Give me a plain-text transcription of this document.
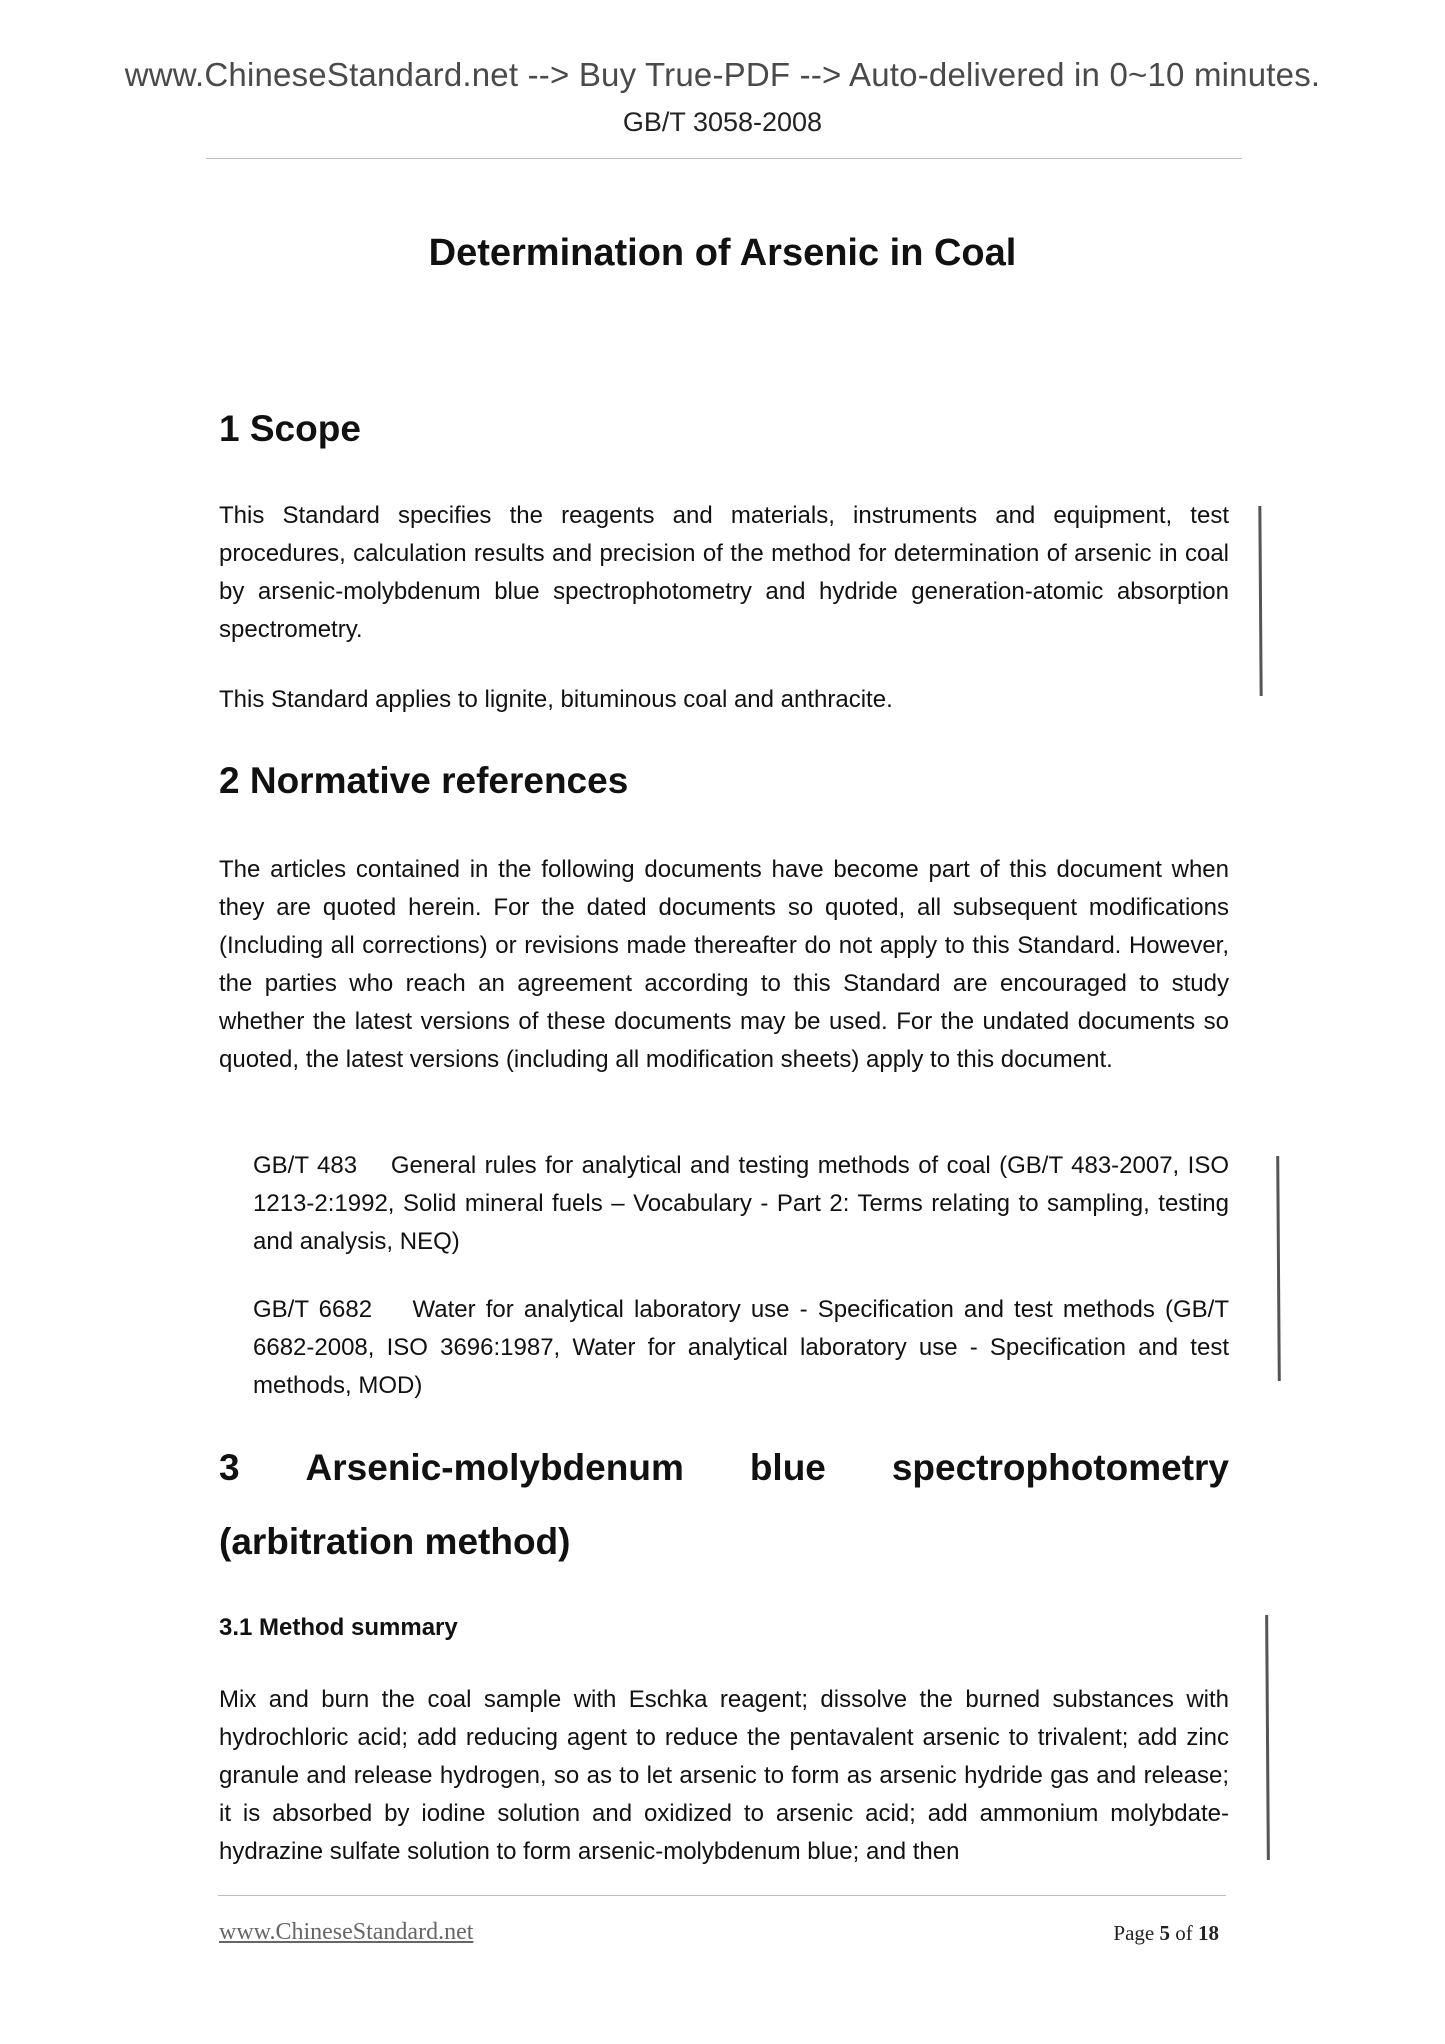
www.ChineseStandard.net --> Buy True-PDF --> Auto-delivered in 0~10 minutes.
GB/T 3058-2008
Determination of Arsenic in Coal
1 Scope

This Standard specifies the reagents and materials, instruments and equipment, test procedures, calculation results and precision of the method for determination of arsenic in coal by arsenic-molybdenum blue spectrophotometry and hydride generation-atomic absorption spectrometry.

This Standard applies to lignite, bituminous coal and anthracite.

2 Normative references

The articles contained in the following documents have become part of this document when they are quoted herein. For the dated documents so quoted, all subsequent modifications (Including all corrections) or revisions made thereafter do not apply to this Standard. However, the parties who reach an agreement according to this Standard are encouraged to study whether the latest versions of these documents may be used. For the undated documents so quoted, the latest versions (including all modification sheets) apply to this document.

GB/T 483 General rules for analytical and testing methods of coal (GB/T 483-2007, ISO 1213-2:1992, Solid mineral fuels – Vocabulary - Part 2: Terms relating to sampling, testing and analysis, NEQ)

GB/T 6682 Water for analytical laboratory use - Specification and test methods (GB/T 6682-2008, ISO 3696:1987, Water for analytical laboratory use - Specification and test methods, MOD)

3 Arsenic-molybdenum blue spectrophotometry
(arbitration method)
3.1 Method summary

Mix and burn the coal sample with Eschka reagent; dissolve the burned substances with hydrochloric acid; add reducing agent to reduce the pentavalent arsenic to trivalent; add zinc granule and release hydrogen, so as to let arsenic to form as arsenic hydride gas and release; it is absorbed by iodine solution and oxidized to arsenic acid; add ammonium molybdate-hydrazine sulfate solution to form arsenic-molybdenum blue; and then

www.ChineseStandard.net	Page 5 of 18
